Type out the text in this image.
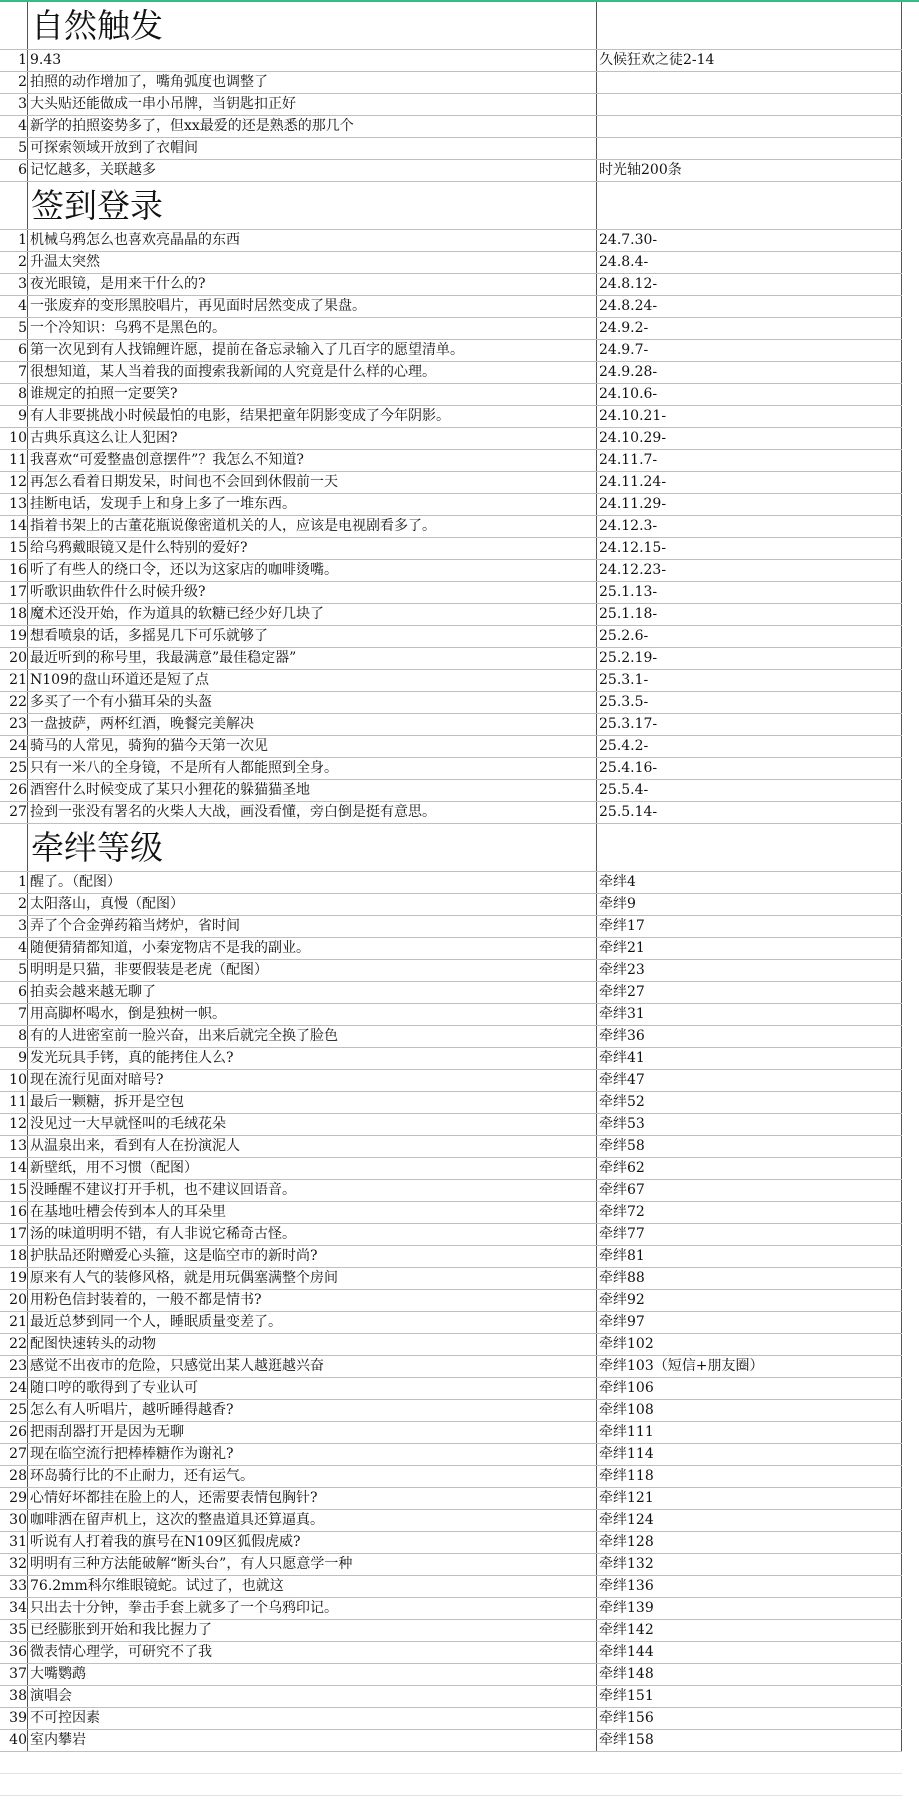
	自然触发	
1	9.43	久候狂欢之徒2-14
2	拍照的动作增加了，嘴角弧度也调整了	
3	大头贴还能做成一串小吊牌，当钥匙扣正好	
4	新学的拍照姿势多了，但xx最爱的还是熟悉的那几个	
5	可探索领域开放到了衣帽间	
6	记忆越多，关联越多	时光轴200条
	签到登录	
1	机械乌鸦怎么也喜欢亮晶晶的东西	24.7.30-
2	升温太突然	24.8.4-
3	夜光眼镜，是用来干什么的?	24.8.12-
4	一张废弃的变形黑胶唱片，再见面时居然变成了果盘。	24.8.24-
5	一个冷知识：乌鸦不是黑色的。	24.9.2-
6	第一次见到有人找锦鲤许愿，提前在备忘录输入了几百字的愿望清单。	24.9.7-
7	很想知道，某人当着我的面搜索我新闻的人究竟是什么样的心理。	24.9.28-
8	谁规定的拍照一定要笑?	24.10.6-
9	有人非要挑战小时候最怕的电影，结果把童年阴影变成了今年阴影。	24.10.21-
10	古典乐真这么让人犯困?	24.10.29-
11	我喜欢“可爱整蛊创意摆件”？我怎么不知道?	24.11.7-
12	再怎么看着日期发呆，时间也不会回到休假前一天	24.11.24-
13	挂断电话，发现手上和身上多了一堆东西。	24.11.29-
14	指着书架上的古董花瓶说像密道机关的人，应该是电视剧看多了。	24.12.3-
15	给乌鸦戴眼镜又是什么特别的爱好?	24.12.15-
16	听了有些人的绕口令，还以为这家店的咖啡烫嘴。	24.12.23-
17	听歌识曲软件什么时候升级?	25.1.13-
18	魔术还没开始，作为道具的软糖已经少好几块了	25.1.18-
19	想看喷泉的话，多摇晃几下可乐就够了	25.2.6-
20	最近听到的称号里，我最满意”最佳稳定器”	25.2.19-
21	N109的盘山环道还是短了点	25.3.1-
22	多买了一个有小猫耳朵的头盔	25.3.5-
23	一盘披萨，两杯红酒，晚餐完美解决	25.3.17-
24	骑马的人常见，骑狗的猫今天第一次见	25.4.2-
25	只有一米八的全身镜，不是所有人都能照到全身。	25.4.16-
26	酒窖什么时候变成了某只小狸花的躲猫猫圣地	25.5.4-
27	捡到一张没有署名的火柴人大战，画没看懂，旁白倒是挺有意思。	25.5.14-
	牵绊等级	
1	醒了。（配图）	牵绊4
2	太阳落山，真慢（配图）	牵绊9
3	弄了个合金弹药箱当烤炉，省时间	牵绊17
4	随便猜猜都知道，小秦宠物店不是我的副业。	牵绊21
5	明明是只猫，非要假装是老虎（配图）	牵绊23
6	拍卖会越来越无聊了	牵绊27
7	用高脚杯喝水，倒是独树一帜。	牵绊31
8	有的人进密室前一脸兴奋，出来后就完全换了脸色	牵绊36
9	发光玩具手铐，真的能拷住人么?	牵绊41
10	现在流行见面对暗号?	牵绊47
11	最后一颗糖，拆开是空包	牵绊52
12	没见过一大早就怪叫的毛绒花朵	牵绊53
13	从温泉出来，看到有人在扮演泥人	牵绊58
14	新壁纸，用不习惯（配图）	牵绊62
15	没睡醒不建议打开手机，也不建议回语音。	牵绊67
16	在基地吐槽会传到本人的耳朵里	牵绊72
17	汤的味道明明不错，有人非说它稀奇古怪。	牵绊77
18	护肤品还附赠爱心头箍，这是临空市的新时尚?	牵绊81
19	原来有人气的装修风格，就是用玩偶塞满整个房间	牵绊88
20	用粉色信封装着的，一般不都是情书?	牵绊92
21	最近总梦到同一个人，睡眠质量变差了。	牵绊97
22	配图快速转头的动物	牵绊102
23	感觉不出夜市的危险，只感觉出某人越逛越兴奋	牵绊103（短信+朋友圈）
24	随口哼的歌得到了专业认可	牵绊106
25	怎么有人听唱片，越听睡得越香?	牵绊108
26	把雨刮器打开是因为无聊	牵绊111
27	现在临空流行把棒棒糖作为谢礼?	牵绊114
28	环岛骑行比的不止耐力，还有运气。	牵绊118
29	心情好坏都挂在脸上的人，还需要表情包胸针?	牵绊121
30	咖啡洒在留声机上，这次的整蛊道具还算逼真。	牵绊124
31	听说有人打着我的旗号在N109区狐假虎威?	牵绊128
32	明明有三种方法能破解“断头台”，有人只愿意学一种	牵绊132
33	76.2mm科尔维眼镜蛇。试过了，也就这	牵绊136
34	只出去十分钟，拳击手套上就多了一个乌鸦印记。	牵绊139
35	已经膨胀到开始和我比握力了	牵绊142
36	微表情心理学，可研究不了我	牵绊144
37	大嘴鹦鹉	牵绊148
38	演唱会	牵绊151
39	不可控因素	牵绊156
40	室内攀岩	牵绊158
